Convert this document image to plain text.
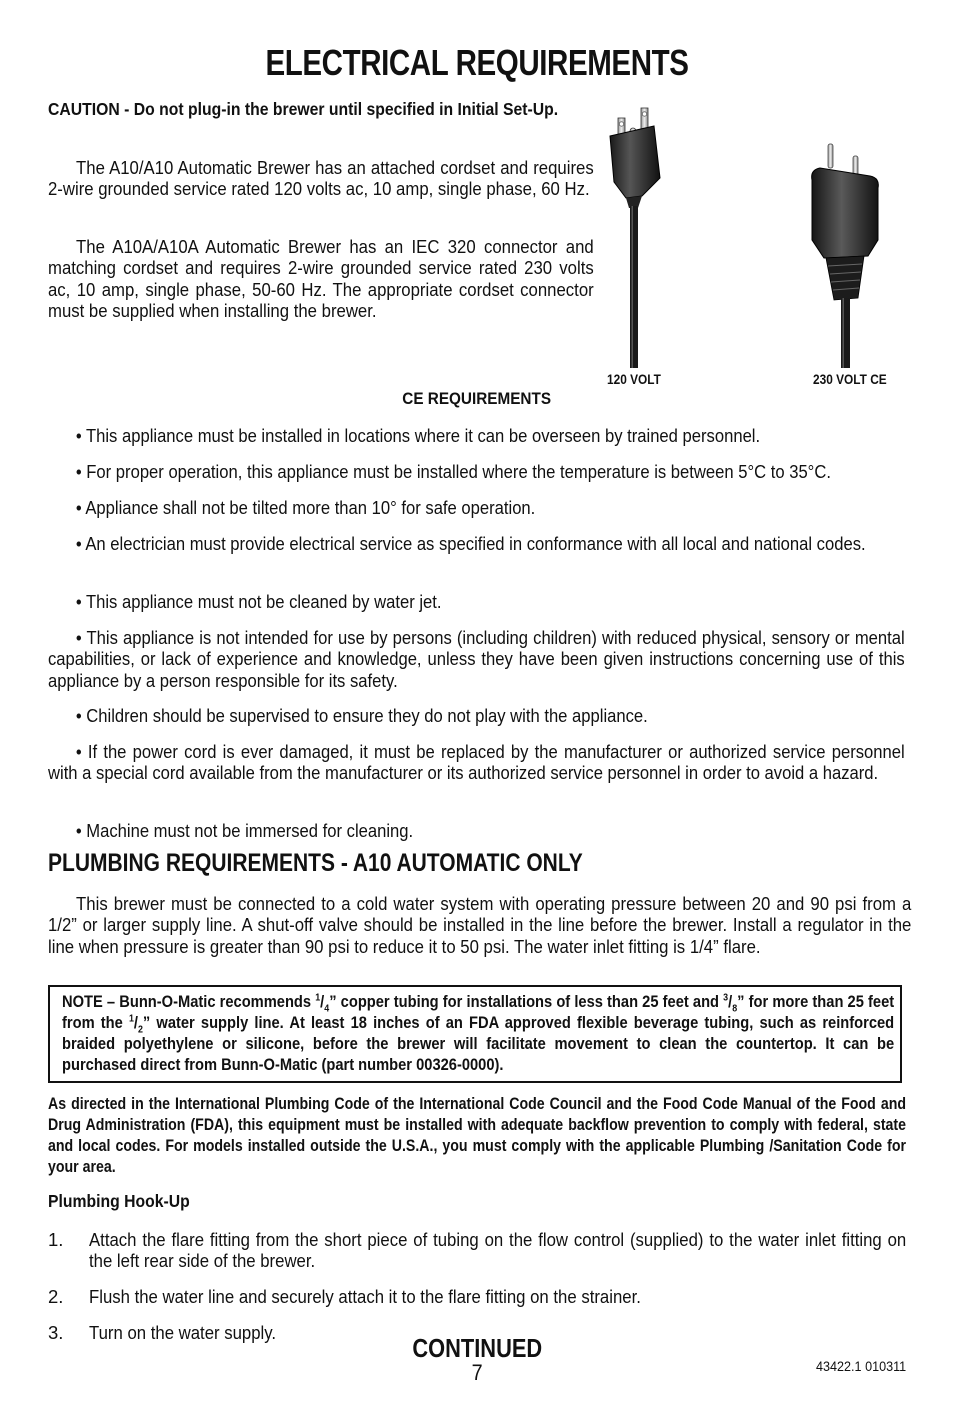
ELECTRICAL REQUIREMENTS

CAUTION - Do not plug-in the brewer until specified in Initial Set-Up.

The A10/A10 Automatic Brewer has an attached cordset and requires 2-wire grounded service rated 120 volts ac, 10 amp, single phase, 60 Hz.

The A10A/A10A Automatic Brewer has an IEC 320 connector and matching cordset and requires 2-wire grounded service rated 230 volts ac, 10 amp, single phase, 50-60 Hz. The appropriate cordset connector must be supplied when installing the brewer.

120 VOLT	230 VOLT CE

CE REQUIREMENTS

• This appliance must be installed in locations where it can be overseen by trained personnel.

• For proper operation, this appliance must be installed where the temperature is between 5°C to 35°C.

• Appliance shall not be tilted more than 10° for safe operation.

• An electrician must provide electrical service as specified in conformance with all local and national codes.

• This appliance must not be cleaned by water jet.

• This appliance is not intended for use by persons (including children) with reduced physical, sensory or mental capabilities, or lack of experience and knowledge, unless they have been given instructions concerning use of this appliance by a person responsible for its safety.

• Children should be supervised to ensure they do not play with the appliance.

• If the power cord is ever damaged, it must be replaced by the manufacturer or authorized service personnel with a special cord available from the manufacturer or its authorized service personnel in order to avoid a hazard.

• Machine must not be immersed for cleaning.

PLUMBING REQUIREMENTS - A10 AUTOMATIC ONLY

This brewer must be connected to a cold water system with operating pressure between 20 and 90 psi from a 1/2” or larger supply line. A shut-off valve should be installed in the line before the brewer. Install a regulator in the line when pressure is greater than 90 psi to reduce it to 50 psi. The water inlet fitting is 1/4” flare.

NOTE – Bunn-O-Matic recommends $^1/_4$” copper tubing for installations of less than 25 feet and $^3/_8$” for more than 25 feet from the $^1/_2$” water supply line. At least 18 inches of an FDA approved flexible beverage tubing, such as reinforced braided polyethylene or silicone, before the brewer will facilitate movement to clean the countertop. It can be purchased direct from Bunn-O-Matic (part number 00326-0000).

As directed in the International Plumbing Code of the International Code Council and the Food Code Manual of the Food and Drug Administration (FDA), this equipment must be installed with adequate backflow prevention to comply with federal, state and local codes. For models installed outside the U.S.A., you must comply with the applicable Plumbing /Sanitation Code for your area.

Plumbing Hook-Up

1. Attach the flare fitting from the short piece of tubing on the flow control (supplied) to the water inlet fitting on the left rear side of the brewer.
2. Flush the water line and securely attach it to the flare fitting on the strainer.
3. Turn on the water supply.

CONTINUED

7	43422.1 010311
